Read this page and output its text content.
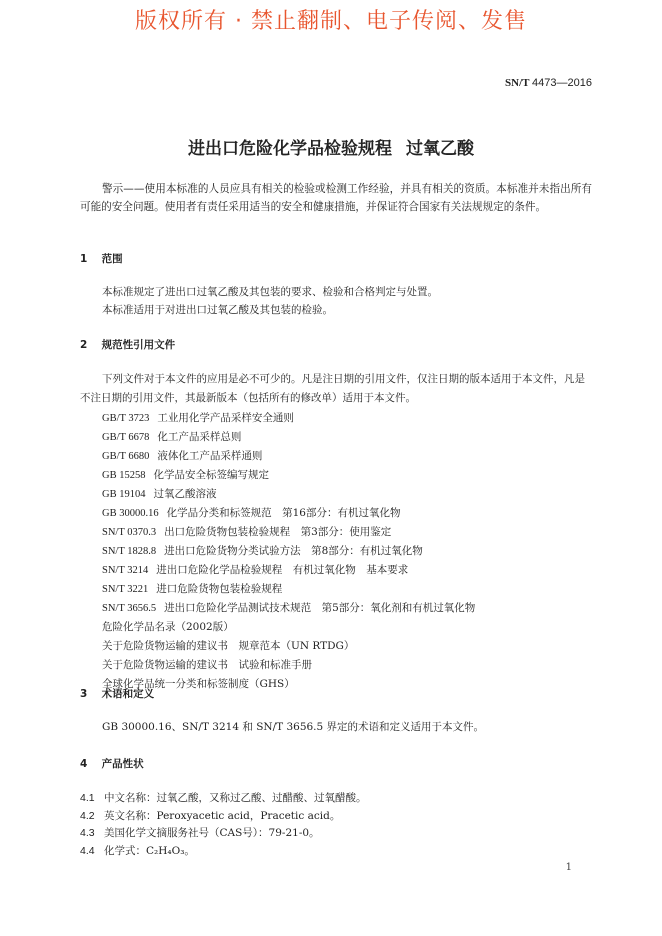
版权所有 · 禁止翻制、电子传阅、发售
SN/T 4473—2016
进出口危险化学品检验规程 过氧乙酸
警示——使用本标准的人员应具有相关的检验或检测工作经验，并具有相关的资质。本标准并未指出所有可能的安全问题。使用者有责任采用适当的安全和健康措施，并保证符合国家有关法规规定的条件。
1 范围
本标准规定了进出口过氧乙酸及其包装的要求、检验和合格判定与处置。
本标准适用于对进出口过氧乙酸及其包装的检验。
2 规范性引用文件
下列文件对于本文件的应用是必不可少的。凡是注日期的引用文件，仅注日期的版本适用于本文件，凡是不注日期的引用文件，其最新版本（包括所有的修改单）适用于本文件。
GB/T 3723 工业用化学产品采样安全通则
GB/T 6678 化工产品采样总则
GB/T 6680 液体化工产品采样通则
GB 15258 化学品安全标签编写规定
GB 19104 过氧乙酸溶液
GB 30000.16 化学品分类和标签规范　第16部分：有机过氧化物
SN/T 0370.3 出口危险货物包装检验规程　第3部分：使用鉴定
SN/T 1828.8 进出口危险货物分类试验方法　第8部分：有机过氧化物
SN/T 3214 进出口危险化学品检验规程　有机过氧化物　基本要求
SN/T 3221 进口危险货物包装检验规程
SN/T 3656.5 进出口危险化学品测试技术规范　第5部分：氧化剂和有机过氧化物
危险化学品名录（2002版）
关于危险货物运输的建议书　规章范本（UN RTDG）
关于危险货物运输的建议书　试验和标准手册
全球化学品统一分类和标签制度（GHS）
3 术语和定义
GB 30000.16、SN/T 3214 和 SN/T 3656.5 界定的术语和定义适用于本文件。
4 产品性状
4.1 中文名称：过氧乙酸，又称过乙酸、过醋酸、过氧醋酸。
4.2 英文名称：Peroxyacetic acid，Pracetic acid。
4.3 美国化学文摘服务社号（CAS号）：79-21-0。
4.4 化学式：C₂H₄O₃。
1
